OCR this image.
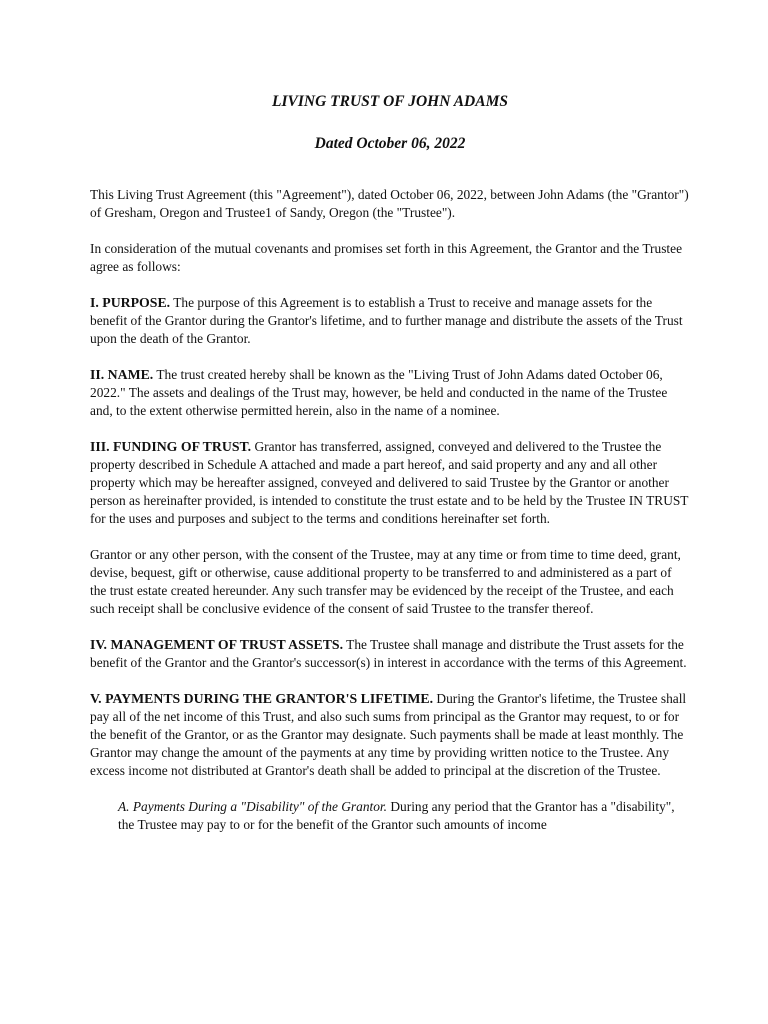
LIVING TRUST OF JOHN ADAMS

Dated October 06, 2022

This Living Trust Agreement (this "Agreement"), dated October 06, 2022, between John Adams (the "Grantor") of Gresham, Oregon and Trustee1 of Sandy, Oregon (the "Trustee").

In consideration of the mutual covenants and promises set forth in this Agreement, the Grantor and the Trustee agree as follows:

I. PURPOSE. The purpose of this Agreement is to establish a Trust to receive and manage assets for the benefit of the Grantor during the Grantor's lifetime, and to further manage and distribute the assets of the Trust upon the death of the Grantor.

II. NAME. The trust created hereby shall be known as the "Living Trust of John Adams dated October 06, 2022." The assets and dealings of the Trust may, however, be held and conducted in the name of the Trustee and, to the extent otherwise permitted herein, also in the name of a nominee.

III. FUNDING OF TRUST. Grantor has transferred, assigned, conveyed and delivered to the Trustee the property described in Schedule A attached and made a part hereof, and said property and any and all other property which may be hereafter assigned, conveyed and delivered to said Trustee by the Grantor or another person as hereinafter provided, is intended to constitute the trust estate and to be held by the Trustee IN TRUST for the uses and purposes and subject to the terms and conditions hereinafter set forth.

Grantor or any other person, with the consent of the Trustee, may at any time or from time to time deed, grant, devise, bequest, gift or otherwise, cause additional property to be transferred to and administered as a part of the trust estate created hereunder. Any such transfer may be evidenced by the receipt of the Trustee, and each such receipt shall be conclusive evidence of the consent of said Trustee to the transfer thereof.

IV. MANAGEMENT OF TRUST ASSETS. The Trustee shall manage and distribute the Trust assets for the benefit of the Grantor and the Grantor's successor(s) in interest in accordance with the terms of this Agreement.

V. PAYMENTS DURING THE GRANTOR'S LIFETIME. During the Grantor's lifetime, the Trustee shall pay all of the net income of this Trust, and also such sums from principal as the Grantor may request, to or for the benefit of the Grantor, or as the Grantor may designate. Such payments shall be made at least monthly. The Grantor may change the amount of the payments at any time by providing written notice to the Trustee. Any excess income not distributed at Grantor's death shall be added to principal at the discretion of the Trustee.

A. Payments During a "Disability" of the Grantor. During any period that the Grantor has a "disability", the Trustee may pay to or for the benefit of the Grantor such amounts of income
